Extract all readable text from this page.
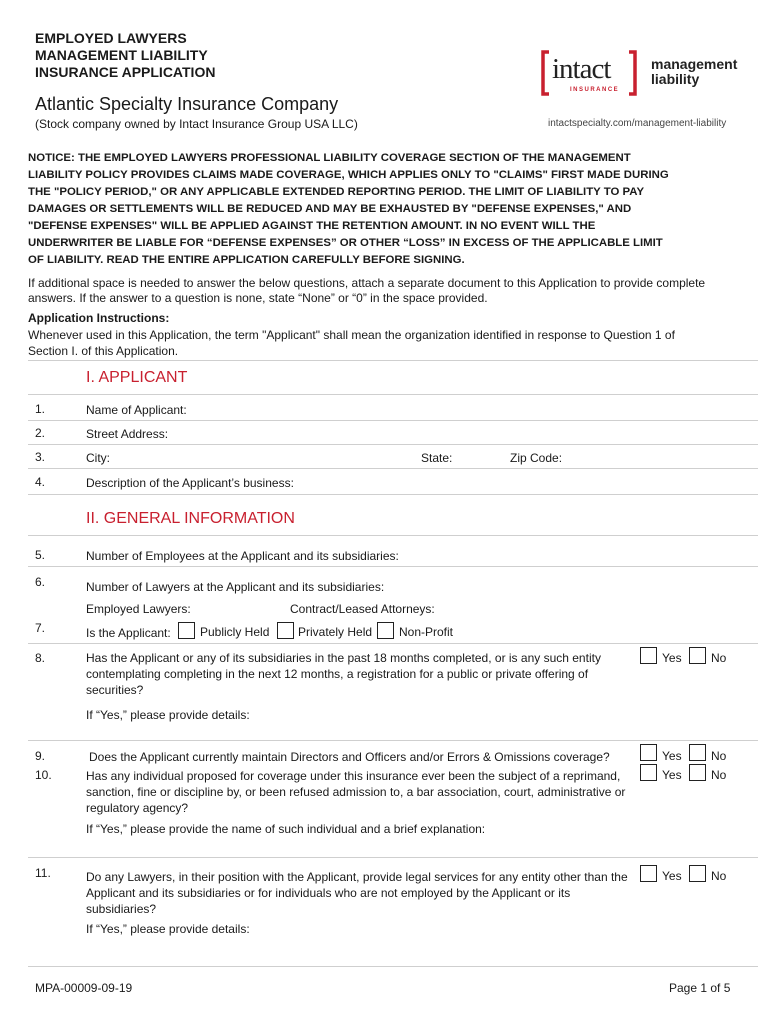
EMPLOYED LAWYERS
MANAGEMENT LIABILITY
INSURANCE APPLICATION
Atlantic Specialty Insurance Company
(Stock company owned by Intact Insurance Group USA LLC)
intact
INSURANCE
management
liability
intactspecialty.com/management-liability
NOTICE: THE EMPLOYED LAWYERS PROFESSIONAL LIABILITY COVERAGE SECTION OF THE MANAGEMENT LIABILITY POLICY PROVIDES CLAIMS MADE COVERAGE, WHICH APPLIES ONLY TO "CLAIMS" FIRST MADE DURING THE "POLICY PERIOD," OR ANY APPLICABLE EXTENDED REPORTING PERIOD. THE LIMIT OF LIABILITY TO PAY DAMAGES OR SETTLEMENTS WILL BE REDUCED AND MAY BE EXHAUSTED BY "DEFENSE EXPENSES," AND "DEFENSE EXPENSES" WILL BE APPLIED AGAINST THE RETENTION AMOUNT. IN NO EVENT WILL THE UNDERWRITER BE LIABLE FOR “DEFENSE EXPENSES” OR OTHER “LOSS” IN EXCESS OF THE APPLICABLE LIMIT OF LIABILITY. READ THE ENTIRE APPLICATION CAREFULLY BEFORE SIGNING.
If additional space is needed to answer the below questions, attach a separate document to this Application to provide complete answers. If the answer to a question is none, state “None” or “0” in the space provided.
Application Instructions:
Whenever used in this Application, the term "Applicant" shall mean the organization identified in response to Question 1 of Section I. of this Application.
I. APPLICANT
1.	Name of Applicant:
2.	Street Address:
3.	City:	State:	Zip Code:
4.	Description of the Applicant’s business:
II. GENERAL INFORMATION
5.	Number of Employees at the Applicant and its subsidiaries:
6.	Number of Lawyers at the Applicant and its subsidiaries:
Employed Lawyers:	Contract/Leased Attorneys:
7.	Is the Applicant: Publicly Held Privately Held Non-Profit
8.	Has the Applicant or any of its subsidiaries in the past 18 months completed, or is any such entity contemplating completing in the next 12 months, a registration for a public or private offering of securities?
Yes No
If “Yes,” please provide details:
9.	Does the Applicant currently maintain Directors and Officers and/or Errors & Omissions coverage?	Yes No
10.	Has any individual proposed for coverage under this insurance ever been the subject of a reprimand, sanction, fine or discipline by, or been refused admission to, a bar association, court, administrative or regulatory agency?
Yes No
If “Yes,” please provide the name of such individual and a brief explanation:
11.	Do any Lawyers, in their position with the Applicant, provide legal services for any entity other than the Applicant and its subsidiaries or for individuals who are not employed by the Applicant or its subsidiaries?
Yes No
If “Yes,” please provide details:
MPA-00009-09-19	Page 1 of 5
